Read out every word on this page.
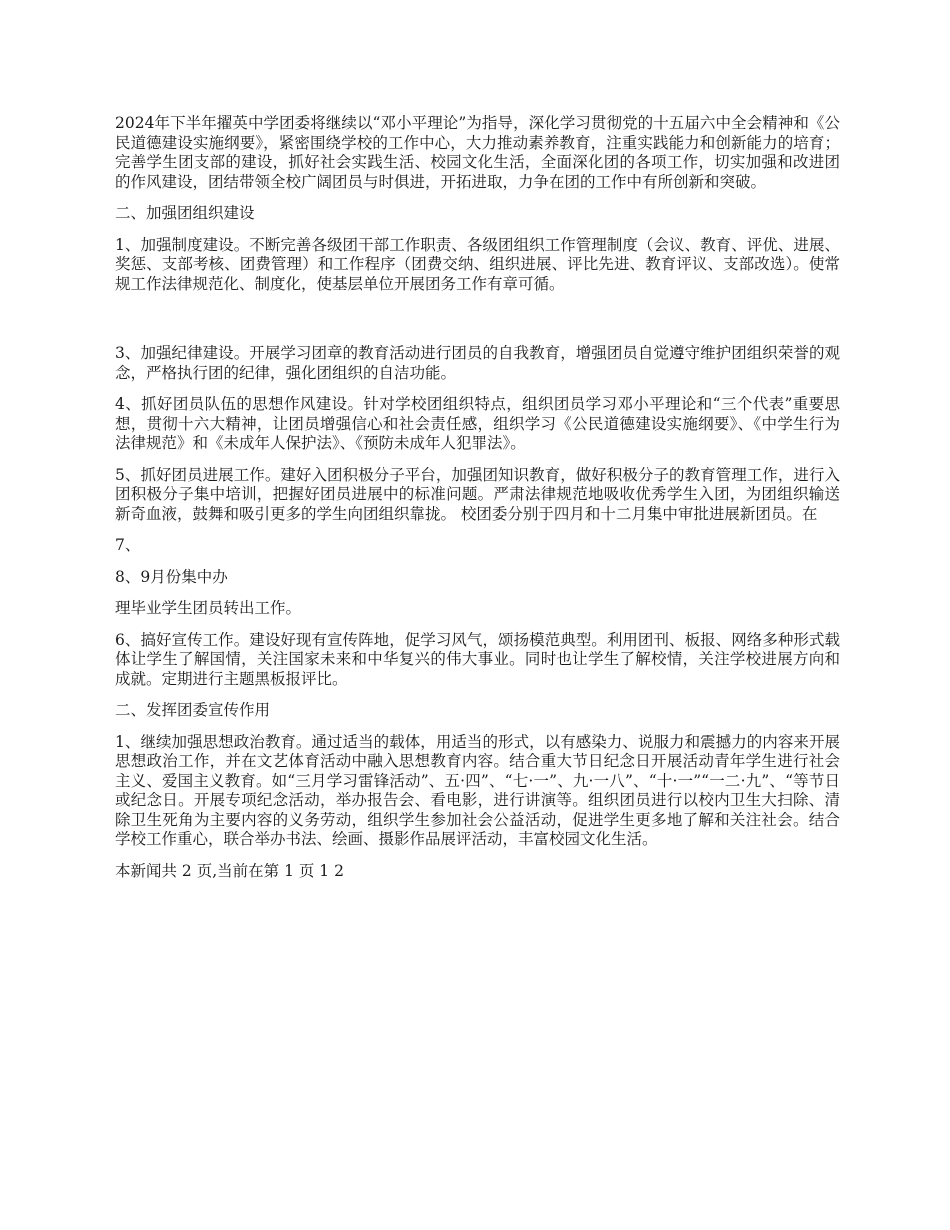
2024年下半年擢英中学团委将继续以“邓小平理论”为指导，深化学习贯彻党的十五届六中全会精神和《公民道德建设实施纲要》，紧密围绕学校的工作中心，大力推动素养教育，注重实践能力和创新能力的培育；完善学生团支部的建设，抓好社会实践生活、校园文化生活，全面深化团的各项工作，切实加强和改进团的作风建设，团结带领全校广阔团员与时俱进，开拓进取，力争在团的工作中有所创新和突破。

二、加强团组织建设

1、加强制度建设。不断完善各级团干部工作职责、各级团组织工作管理制度（会议、教育、评优、进展、奖惩、支部考核、团费管理）和工作程序（团费交纳、组织进展、评比先进、教育评议、支部改选）。使常规工作法律规范化、制度化，使基层单位开展团务工作有章可循。

3、加强纪律建设。开展学习团章的教育活动进行团员的自我教育，增强团员自觉遵守维护团组织荣誉的观念，严格执行团的纪律，强化团组织的自洁功能。

4、抓好团员队伍的思想作风建设。针对学校团组织特点，组织团员学习邓小平理论和“三个代表”重要思想，贯彻十六大精神，让团员增强信心和社会责任感，组织学习《公民道德建设实施纲要》、《中学生行为法律规范》和《未成年人保护法》、《预防未成年人犯罪法》。

5、抓好团员进展工作。建好入团积极分子平台，加强团知识教育，做好积极分子的教育管理工作，进行入团积极分子集中培训，把握好团员进展中的标准问题。严肃法律规范地吸收优秀学生入团，为团组织输送新奇血液，鼓舞和吸引更多的学生向团组织靠拢。 校团委分别于四月和十二月集中审批进展新团员。在

7、

8、9月份集中办

理毕业学生团员转出工作。

6、搞好宣传工作。建设好现有宣传阵地，促学习风气，颂扬模范典型。利用团刊、板报、网络多种形式载体让学生了解国情，关注国家未来和中华复兴的伟大事业。同时也让学生了解校情，关注学校进展方向和成就。定期进行主题黑板报评比。

二、发挥团委宣传作用

1、继续加强思想政治教育。通过适当的载体，用适当的形式，以有感染力、说服力和震撼力的内容来开展思想政治工作，并在文艺体育活动中融入思想教育内容。结合重大节日纪念日开展活动青年学生进行社会主义、爱国主义教育。如“三月学习雷锋活动”、五·四”、“七·一”、九·一八”、“十·一”“一二·九”、“等节日或纪念日。开展专项纪念活动，举办报告会、看电影，进行讲演等。组织团员进行以校内卫生大扫除、清除卫生死角为主要内容的义务劳动，组织学生参加社会公益活动，促进学生更多地了解和关注社会。结合学校工作重心，联合举办书法、绘画、摄影作品展评活动，丰富校园文化生活。

本新闻共 2 页,当前在第 1 页 1 2
